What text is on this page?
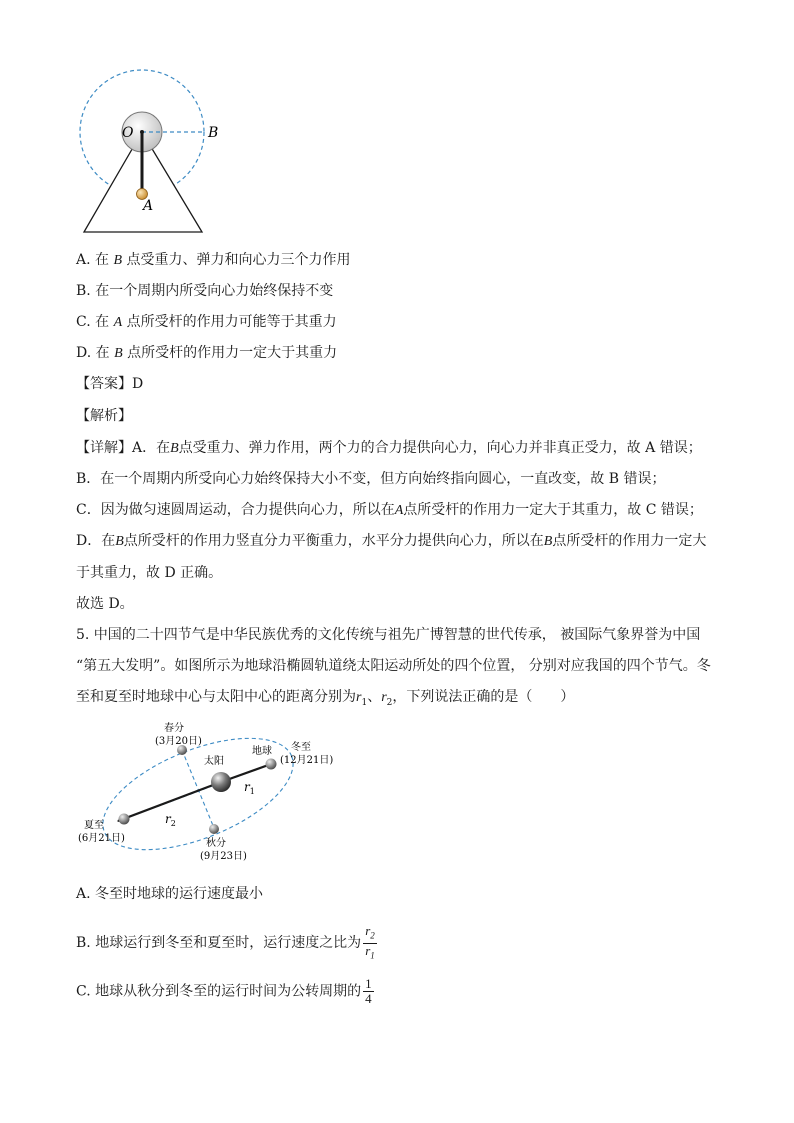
O	B
A
A. 在 B 点受重力、弹力和向心力三个力作用
B. 在一个周期内所受向心力始终保持不变
C. 在 A 点所受杆的作用力可能等于其重力
D. 在 B 点所受杆的作用力一定大于其重力
【答案】D
【解析】
【详解】A．在B点受重力、弹力作用，两个力的合力提供向心力，向心力并非真正受力，故 A 错误；
B．在一个周期内所受向心力始终保持大小不变，但方向始终指向圆心，一直改变，故 B 错误；
C．因为做匀速圆周运动，合力提供向心力，所以在A点所受杆的作用力一定大于其重力，故 C 错误；
D．在B点所受杆的作用力竖直分力平衡重力，水平分力提供向心力，所以在B点所受杆的作用力一定大
于其重力，故 D 正确。
故选 D。
5. 中国的二十四节气是中华民族优秀的文化传统与祖先广博智慧的世代传承， 被国际气象界誉为中国
“第五大发明”。如图所示为地球沿椭圆轨道绕太阳运动所处的四个位置， 分别对应我国的四个节气。冬
至和夏至时地球中心与太阳中心的距离分别为$r_1$、$r_2$，下列说法正确的是（　　）
春分
(3月20日)
太阳
地球 冬至
(12月21日)
夏至
(6月21日)	秋分
(9月23日)
$r_1$
$r_2$
A. 冬至时地球的运行速度最小
B. 地球运行到冬至和夏至时，运行速度之比为 $\frac{r_2}{r_1}$
C. 地球从秋分到冬至的运行时间为公转周期的 $\frac{1}{4}$
